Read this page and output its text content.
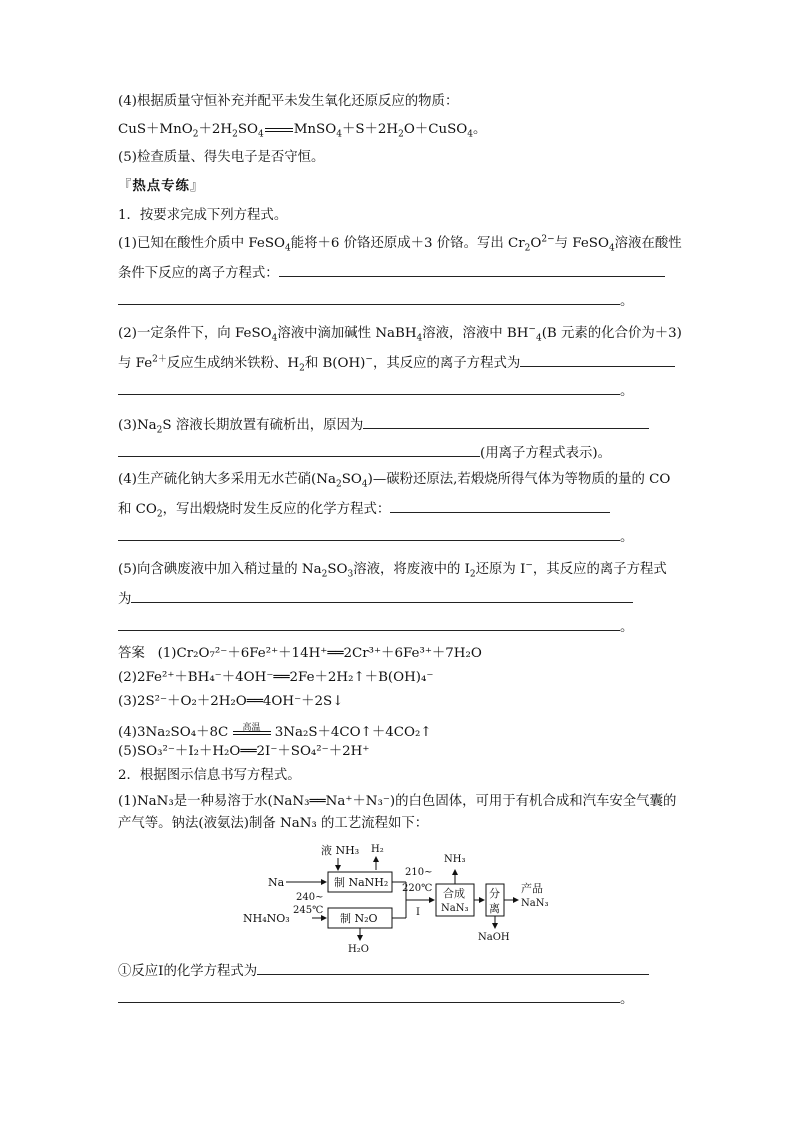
(4)根据质量守恒补充并配平未发生氧化还原反应的物质：
$CuS+MnO_2+2H_2SO_4$ $MnSO_4+S+2H_2O+CuSO_4$。
(5)检查质量、得失电子是否守恒。
『热点专练』
1．按要求完成下列方程式。
(1)已知在酸性介质中 FeSO$_4$能将＋6 价铬还原成＋3 价铬。写出 $Cr_2O^{2-}$与 FeSO$_4$溶液在酸性
条件下反应的离子方程式：
。
(2)一定条件下，向 FeSO$_4$溶液中滴加碱性 NaBH$_4$溶液，溶液中 $BH^-_4(B$ 元素的化合价为＋3)
与 $Fe^{2+}$反应生成纳米铁粉、$H_2$和 B(OH)−，其反应的离子方程式为
。
$(3)Na_2S$ 溶液长期放置有硫析出，原因为
(用离子方程式表示)。
(4)生产硫化钠大多采用无水芒硝$(Na_2SO_4)—$碳粉还原法,若煅烧所得气体为等物质的量的 CO
和 $CO_2$，写出煅烧时发生反应的化学方程式：
。
(5)向含碘废液中加入稍过量的 $Na_2SO_3$溶液，将废液中的 $I_2$还原为 I−，其反应的离子方程式
为
。
答案 (1)Cr₂O₇²⁻＋6Fe²⁺＋14H⁺══2Cr³⁺＋6Fe³⁺＋7H₂O
(2)2Fe²⁺＋BH₄⁻＋4OH⁻══2Fe＋2H₂↑＋B(OH)₄⁻
(3)2S²⁻＋O₂＋2H₂O══4OH⁻＋2S↓
(4)3Na₂SO₄＋8C 高温 3Na₂S＋4CO↑＋4CO₂↑
(5)SO₃²⁻＋I₂＋H₂O══2I⁻＋SO₄²⁻＋2H⁺
2．根据图示信息书写方程式。
(1)NaN₃是一种易溶于水(NaN₃══Na⁺＋N₃⁻)的白色固体，可用于有机合成和汽车安全气囊的
产气等。钠法(液氨法)制备 NaN₃ 的工艺流程如下：
液 NH₃ H₂
Na	制 NaNH₂
240~
245℃
NH₄NO₃	制 N₂O
H₂O
210~
220℃
Ⅰ
合成
NaN₃
NH₃
分
离
NaOH
产品
NaN₃
①反应Ⅰ的化学方程式为
。
